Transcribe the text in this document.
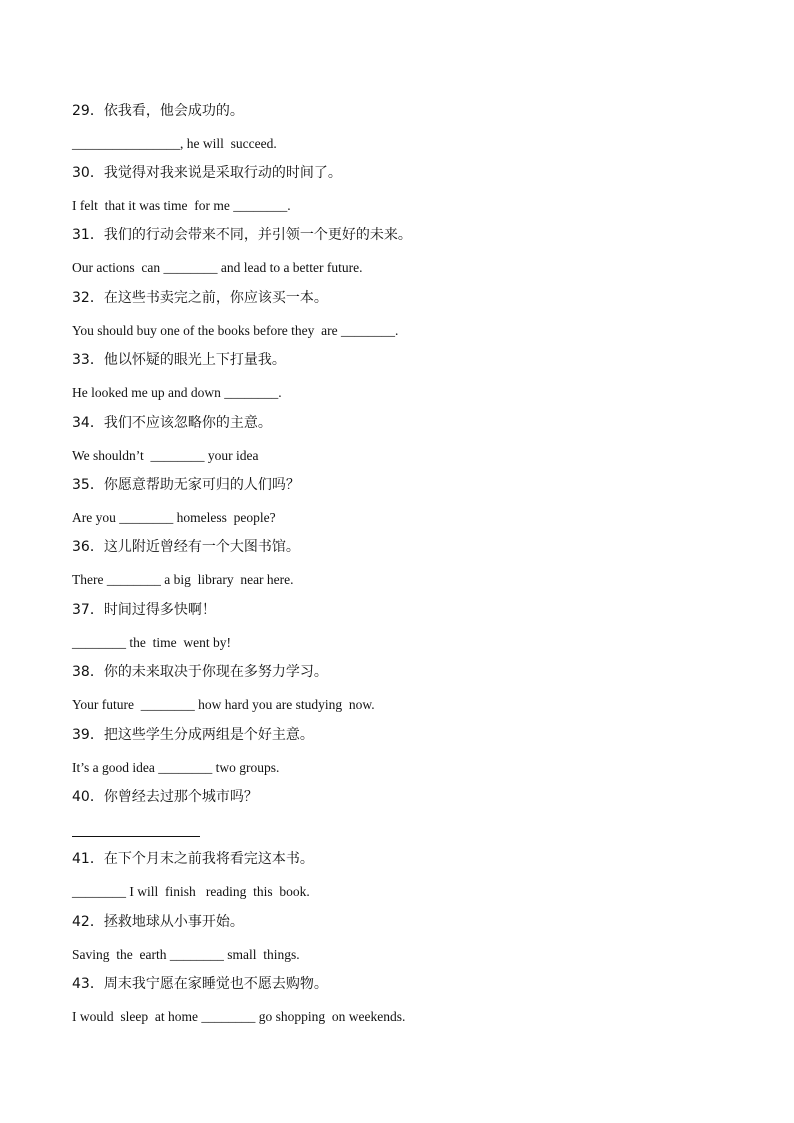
29．依我看，他会成功的。
________________, he will  succeed.
30．我觉得对我来说是采取行动的时间了。
I felt  that it was time  for me ________.
31．我们的行动会带来不同，并引领一个更好的未来。
Our actions  can ________ and lead to a better future.
32．在这些书卖完之前，你应该买一本。
You should buy one of the books before they  are ________.
33．他以怀疑的眼光上下打量我。
He looked me up and down ________.
34．我们不应该忽略你的主意。
We shouldn’t  ________ your idea
35．你愿意帮助无家可归的人们吗？
Are you ________ homeless  people?
36．这儿附近曾经有一个大图书馆。
There ________ a big  library  near here.
37．时间过得多快啊！
________ the  time  went by!
38．你的未来取决于你现在多努力学习。
Your future  ________ how hard you are studying  now.
39．把这些学生分成两组是个好主意。
It’s a good idea ________ two groups.
40．你曾经去过那个城市吗？
41．在下个月末之前我将看完这本书。
________ I will  finish   reading  this  book.
42．拯救地球从小事开始。
Saving  the  earth ________ small  things.
43．周末我宁愿在家睡觉也不愿去购物。
I would  sleep  at home ________ go shopping  on weekends.
